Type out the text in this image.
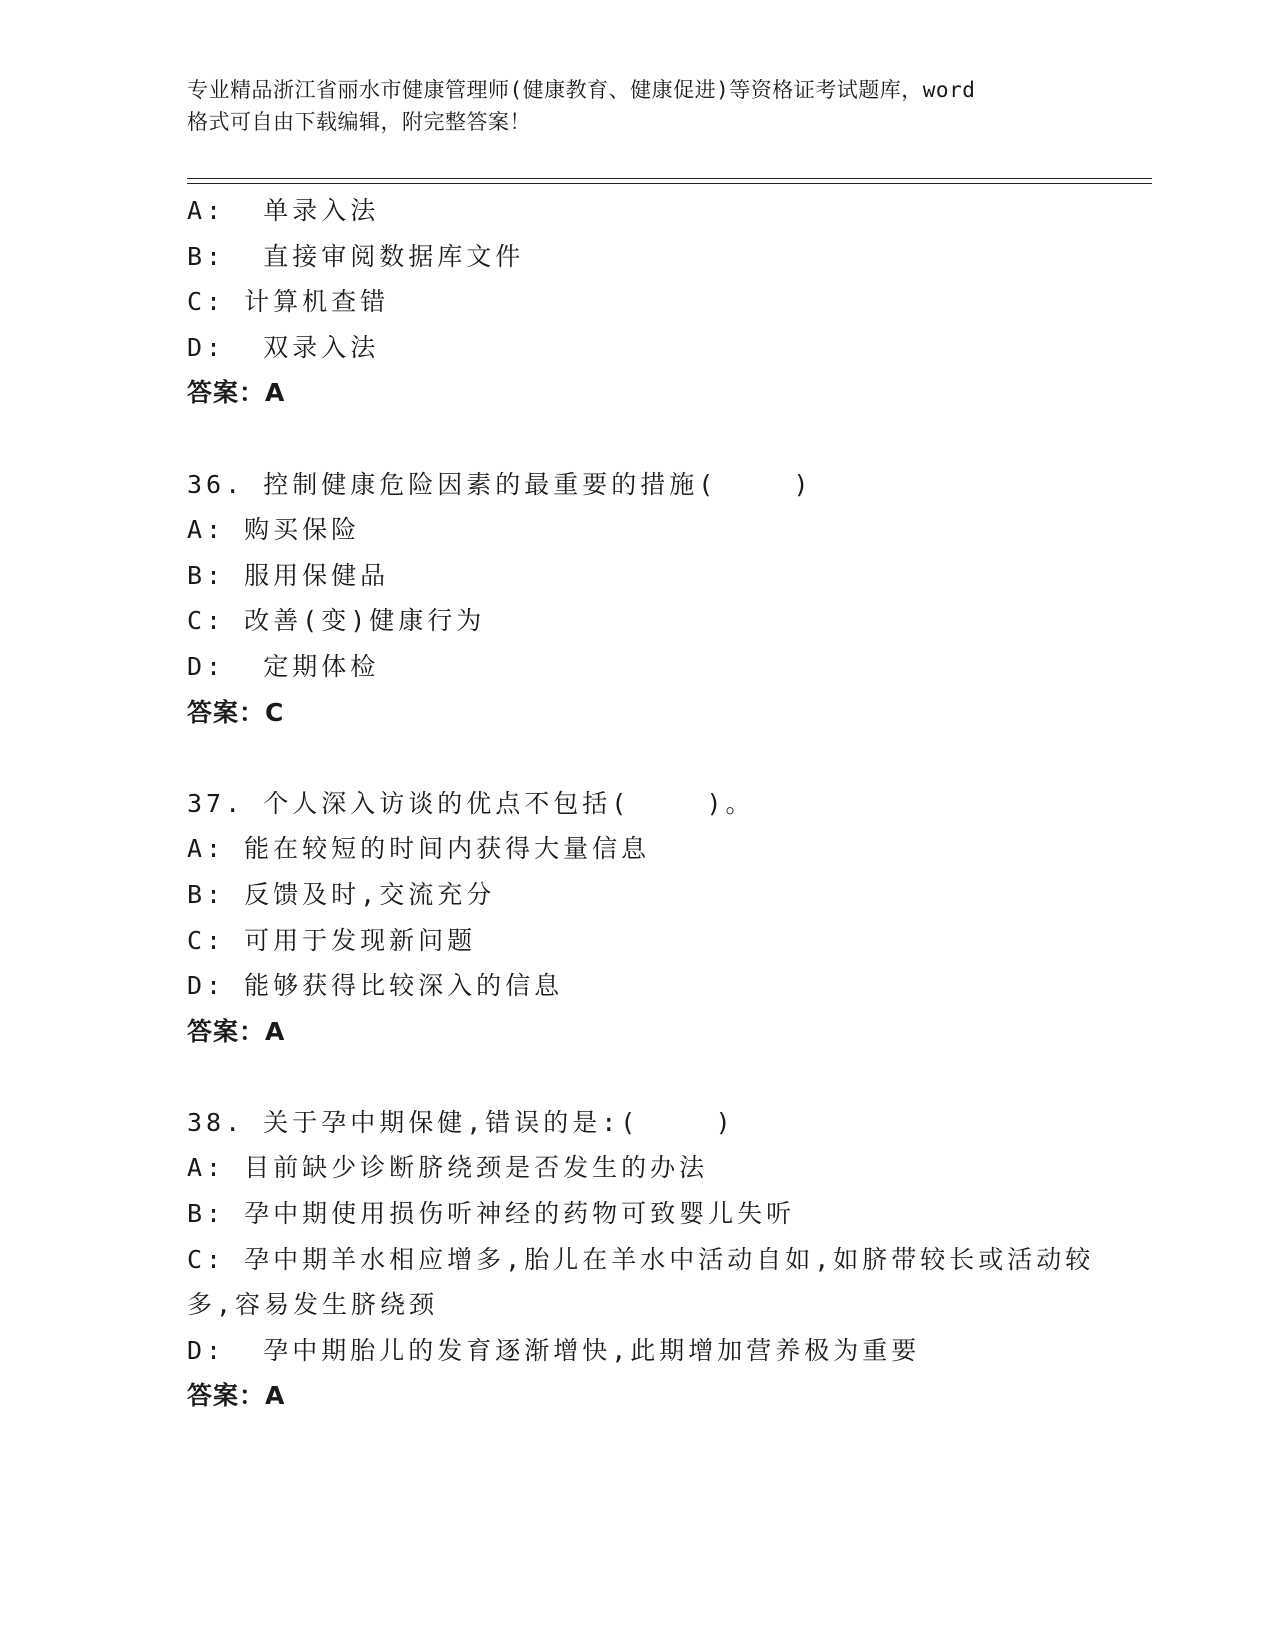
专业精品浙江省丽水市健康管理师(健康教育、健康促进)等资格证考试题库，word
格式可自由下载编辑，附完整答案！
A:  单录入法
B:  直接审阅数据库文件
C: 计算机查错
D:  双录入法
答案：A
36. 控制健康危险因素的最重要的措施(    )
A: 购买保险
B: 服用保健品
C: 改善(变)健康行为
D:  定期体检
答案：C
37. 个人深入访谈的优点不包括(    )。
A: 能在较短的时间内获得大量信息
B: 反馈及时,交流充分
C: 可用于发现新问题
D: 能够获得比较深入的信息
答案：A
38. 关于孕中期保健,错误的是:(    )
A: 目前缺少诊断脐绕颈是否发生的办法
B: 孕中期使用损伤听神经的药物可致婴儿失听
C: 孕中期羊水相应增多,胎儿在羊水中活动自如,如脐带较长或活动较
多,容易发生脐绕颈
D:  孕中期胎儿的发育逐渐增快,此期增加营养极为重要
答案：A
